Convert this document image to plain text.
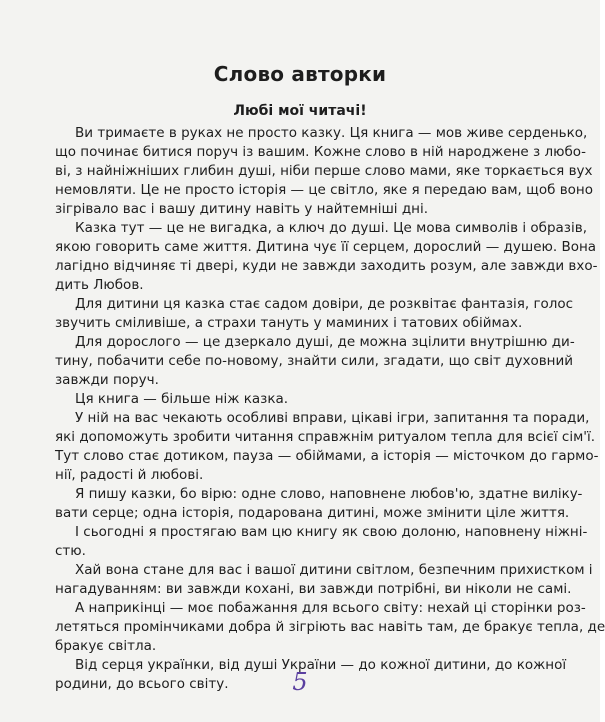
Слово авторки
Любі мої читачі!
Ви тримаєте в руках не просто казку. Ця книга — мов живе серденько,
що починає битися поруч із вашим. Кожне слово в ній народжене з любо-
ві, з найніжніших глибин душі, ніби перше слово мами, яке торкається вух
немовляти. Це не просто історія — це світло, яке я передаю вам, щоб воно
зігрівало вас і вашу дитину навіть у найтемніші дні.
Казка тут — це не вигадка, а ключ до душі. Це мова символів і образів,
якою говорить саме життя. Дитина чує її серцем, дорослий — душею. Вона
лагідно відчиняє ті двері, куди не завжди заходить розум, але завжди вхо-
дить Любов.
Для дитини ця казка стає садом довіри, де розквітає фантазія, голос
звучить сміливіше, а страхи тануть у маминих і татових обіймах.
Для дорослого — це дзеркало душі, де можна зцілити внутрішню ди-
тину, побачити себе по-новому, знайти сили, згадати, що світ духовний
завжди поруч.
Ця книга — більше ніж казка.
У ній на вас чекають особливі вправи, цікаві ігри, запитання та поради,
які допоможуть зробити читання справжнім ритуалом тепла для всієї сім'ї.
Тут слово стає дотиком, пауза — обіймами, а історія — місточком до гармо-
нії, радості й любові.
Я пишу казки, бо вірю: одне слово, наповнене любов'ю, здатне вилікy-
вати серце; одна історія, подарована дитині, може змінити ціле життя.
І сьогодні я простягаю вам цю книгу як свою долоню, наповнену ніжні-
стю.
Хай вона стане для вас і вашої дитини світлом, безпечним прихистком і
нагадуванням: ви завжди кохані, ви завжди потрібні, ви ніколи не самі.
А наприкінці — моє побажання для всього світу: нехай ці сторінки роз-
летяться промінчиками добра й зігріють вас навіть там, де бракує тепла, де
бракує світла.
Від серця українки, від душі України — до кожної дитини, до кожної
родини, до всього світу.	5
